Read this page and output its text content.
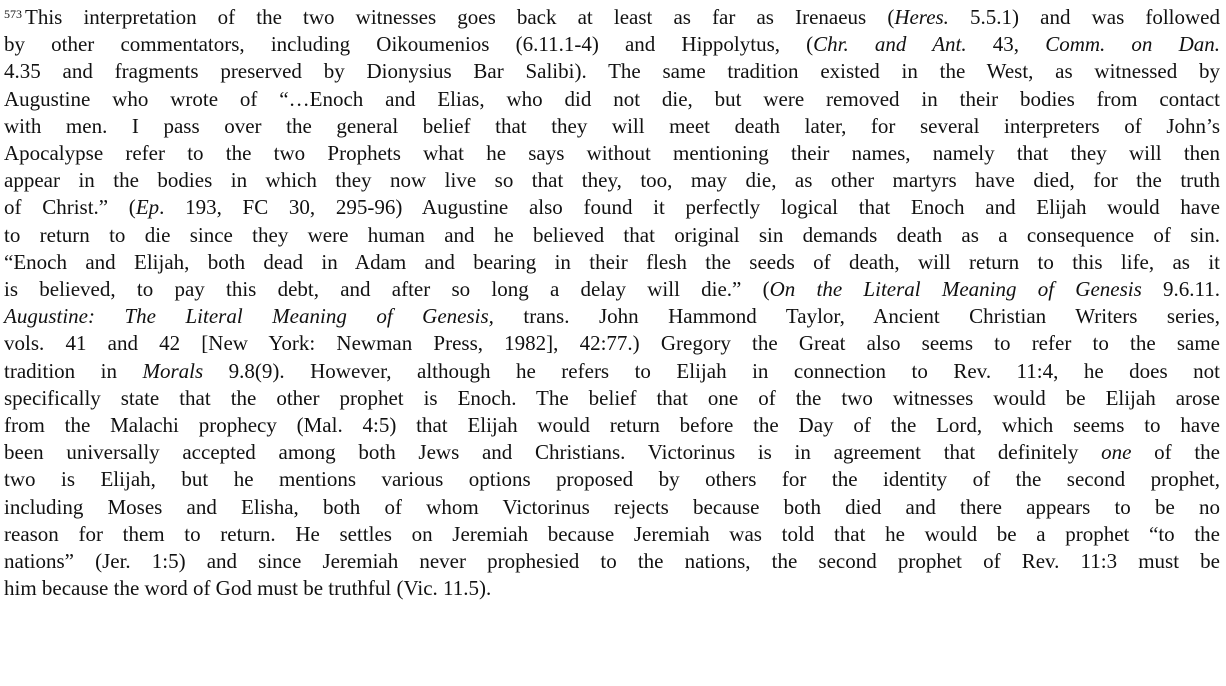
$^{573}$ This interpretation of the two witnesses goes back at least as far as Irenaeus (Heres. 5.5.1) and was followed
by other commentators, including Oikoumenios (6.11.1-4) and Hippolytus, (Chr. and Ant. 43, Comm. on Dan.
4.35 and fragments preserved by Dionysius Bar Salibi). The same tradition existed in the West, as witnessed by
Augustine who wrote of “…Enoch and Elias, who did not die, but were removed in their bodies from contact
with men. I pass over the general belief that they will meet death later, for several interpreters of John’s
Apocalypse refer to the two Prophets what he says without mentioning their names, namely that they will then
appear in the bodies in which they now live so that they, too, may die, as other martyrs have died, for the truth
of Christ.” (Ep. 193, FC 30, 295-96) Augustine also found it perfectly logical that Enoch and Elijah would have
to return to die since they were human and he believed that original sin demands death as a consequence of sin.
“Enoch and Elijah, both dead in Adam and bearing in their flesh the seeds of death, will return to this life, as it
is believed, to pay this debt, and after so long a delay will die.” (On the Literal Meaning of Genesis 9.6.11.
Augustine: The Literal Meaning of Genesis, trans. John Hammond Taylor, Ancient Christian Writers series,
vols. 41 and 42 [New York: Newman Press, 1982], 42:77.) Gregory the Great also seems to refer to the same
tradition in Morals 9.8(9). However, although he refers to Elijah in connection to Rev. 11:4, he does not
specifically state that the other prophet is Enoch. The belief that one of the two witnesses would be Elijah arose
from the Malachi prophecy (Mal. 4:5) that Elijah would return before the Day of the Lord, which seems to have
been universally accepted among both Jews and Christians. Victorinus is in agreement that definitely one of the
two is Elijah, but he mentions various options proposed by others for the identity of the second prophet,
including Moses and Elisha, both of whom Victorinus rejects because both died and there appears to be no
reason for them to return. He settles on Jeremiah because Jeremiah was told that he would be a prophet “to the
nations” (Jer. 1:5) and since Jeremiah never prophesied to the nations, the second prophet of Rev. 11:3 must be
him because the word of God must be truthful (Vic. 11.5).
